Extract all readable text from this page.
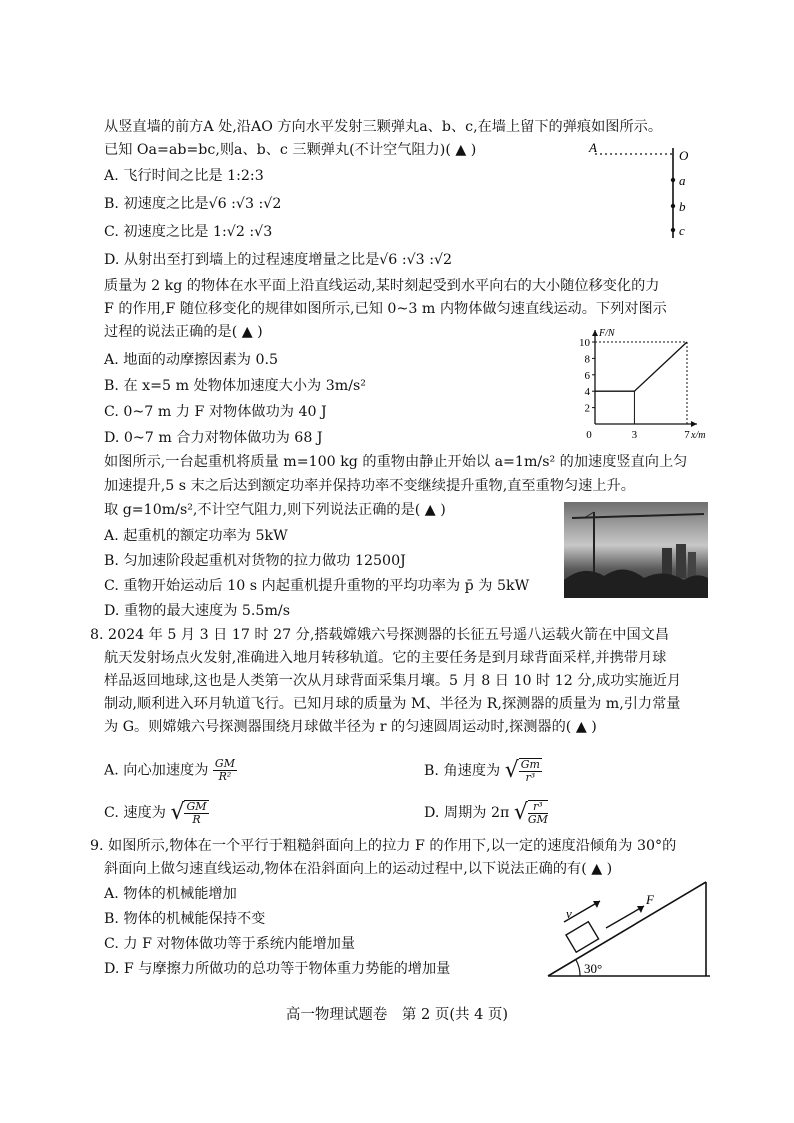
从竖直墙的前方A 处,沿AO 方向水平发射三颗弹丸a、b、c,在墙上留下的弹痕如图所示。
已知 Oa=ab=bc,则a、b、c 三颗弹丸(不计空气阻力)( ▲ )
A. 飞行时间之比是 1:2:3
B. 初速度之比是√6 :√3 :√2
C. 初速度之比是 1:√2 :√3
D. 从射出至打到墙上的过程速度增量之比是√6 :√3 :√2
A
O
a
b
c
质量为 2 kg 的物体在水平面上沿直线运动,某时刻起受到水平向右的大小随位移变化的力
F 的作用,F 随位移变化的规律如图所示,已知 0~3 m 内物体做匀速直线运动。下列对图示
过程的说法正确的是( ▲ )
A. 地面的动摩擦因素为 0.5
B. 在 x=5 m 处物体加速度大小为 3m/s²
C. 0~7 m 力 F 对物体做功为 40 J
D. 0~7 m 合力对物体做功为 68 J
2
4
6
8
10
0	3	7 x/m
F/N
如图所示,一台起重机将质量 m=100 kg 的重物由静止开始以 a=1m/s² 的加速度竖直向上匀
加速提升,5 s 末之后达到额定功率并保持功率不变继续提升重物,直至重物匀速上升。
取 g=10m/s²,不计空气阻力,则下列说法正确的是( ▲ )
A. 起重机的额定功率为 5kW
B. 匀加速阶段起重机对货物的拉力做功 12500J
C. 重物开始运动后 10 s 内起重机提升重物的平均功率为 p̄ 为 5kW
D. 重物的最大速度为 5.5m/s
8. 2024 年 5 月 3 日 17 时 27 分,搭载嫦娥六号探测器的长征五号遥八运载火箭在中国文昌
航天发射场点火发射,准确进入地月转移轨道。它的主要任务是到月球背面采样,并携带月球
样品返回地球,这也是人类第一次从月球背面采集月壤。5 月 8 日 10 时 12 分,成功实施近月
制动,顺利进入环月轨道飞行。已知月球的质量为 M、半径为 R,探测器的质量为 m,引力常量
为 G。则嫦娥六号探测器围绕月球做半径为 r 的匀速圆周运动时,探测器的( ▲ )
A. 向心加速度为 $\frac{GM}{\text{R²}}$	B. 角速度为 √ $\frac{Gm}{\text{r³}}$
C. 速度为 √ $\frac{GM}{R}$	D. 周期为 2π √ $\frac{\text{r³}}{GM}$
9. 如图所示,物体在一个平行于粗糙斜面向上的拉力 F 的作用下,以一定的速度沿倾角为 30°的
斜面向上做匀速直线运动,物体在沿斜面向上的运动过程中,以下说法正确的有( ▲ )
A. 物体的机械能增加
B. 物体的机械能保持不变
C. 力 F 对物体做功等于系统内能增加量
D. F 与摩擦力所做功的总功等于物体重力势能的增加量
v
F
30°
高一物理试题卷　第 2 页(共 4 页)
